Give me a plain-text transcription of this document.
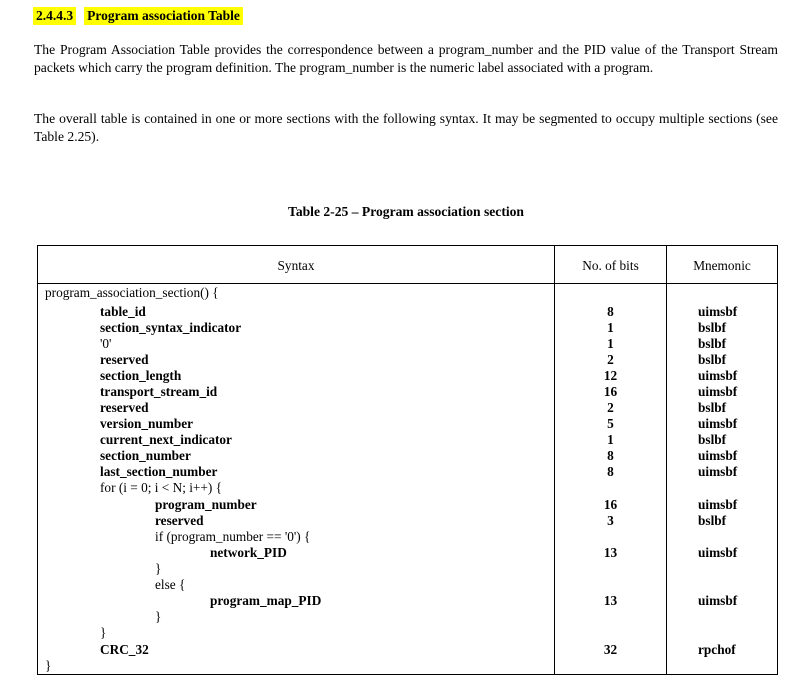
2.4.4.3 Program association Table

The Program Association Table provides the correspondence between a program_number and the PID value of the Transport Stream packets which carry the program definition. The program_number is the numeric label associated with a program.

The overall table is contained in one or more sections with the following syntax. It may be segmented to occupy multiple sections (see Table 2.25).

Table 2-25 – Program association section
Syntax	No. of bits	Mnemonic
program_association_section() {
table_id	8	uimsbf
section_syntax_indicator	1	bslbf
'0'	1	bslbf
reserved	2	bslbf
section_length	12	uimsbf
transport_stream_id	16	uimsbf
reserved	2	bslbf
version_number	5	uimsbf
current_next_indicator	1	bslbf
section_number	8	uimsbf
last_section_number	8	uimsbf
for (i = 0; i < N; i++) {
program_number	16	uimsbf
reserved	3	bslbf
if (program_number == '0') {
network_PID	13	uimsbf
}
else {
program_map_PID	13	uimsbf
}
}
CRC_32	32	rpchof
}
